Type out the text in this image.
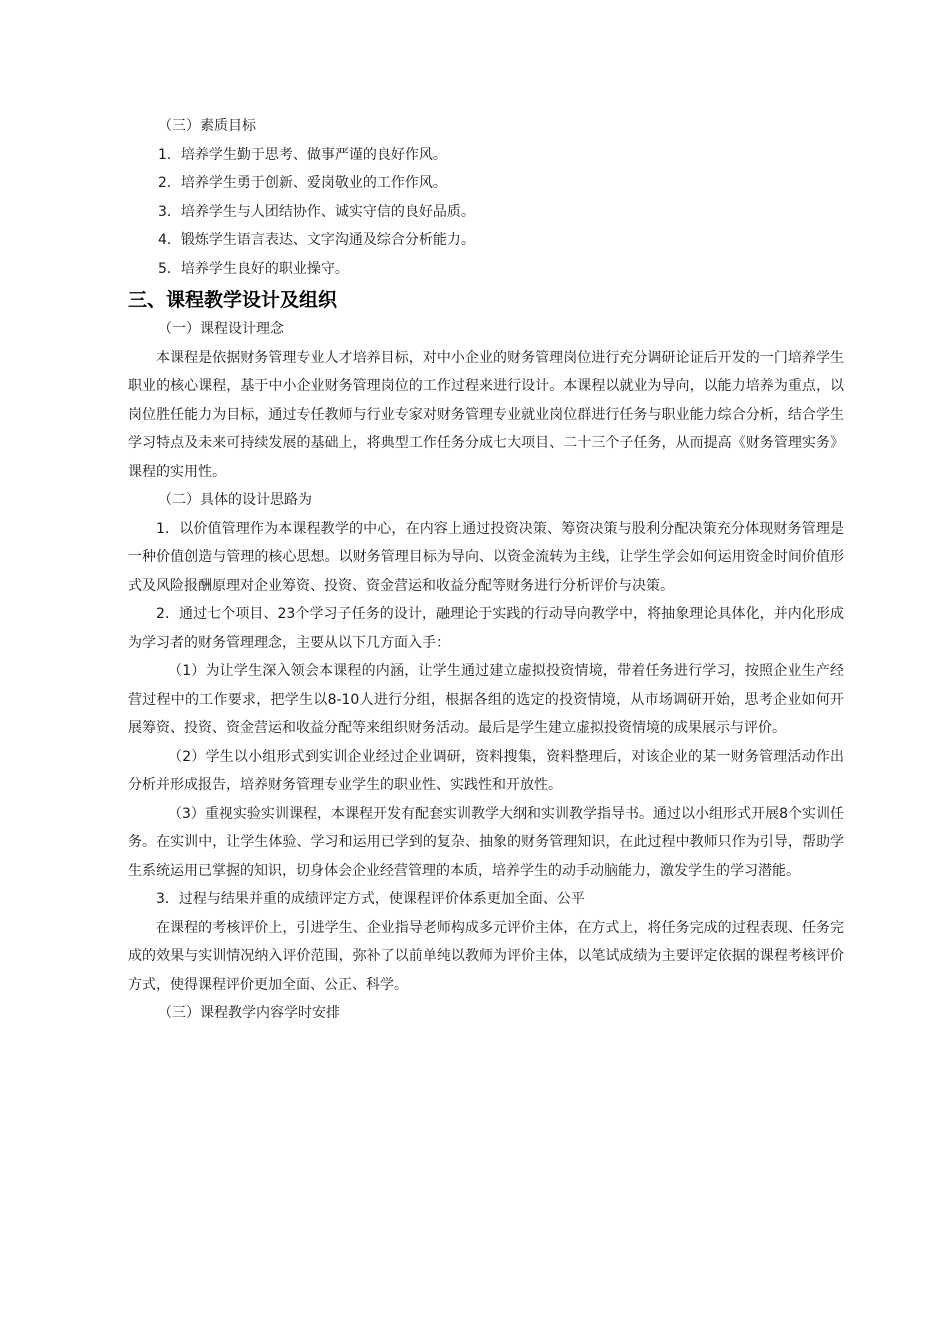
（三）素质目标

1．培养学生勤于思考、做事严谨的良好作风。

2．培养学生勇于创新、爱岗敬业的工作作风。

3．培养学生与人团结协作、诚实守信的良好品质。

4．锻炼学生语言表达、文字沟通及综合分析能力。

5．培养学生良好的职业操守。

三、课程教学设计及组织

（一）课程设计理念

本课程是依据财务管理专业人才培养目标，对中小企业的财务管理岗位进行充分调研论证后开发的一门培养学生职业的核心课程，基于中小企业财务管理岗位的工作过程来进行设计。本课程以就业为导向，以能力培养为重点，以岗位胜任能力为目标，通过专任教师与行业专家对财务管理专业就业岗位群进行任务与职业能力综合分析，结合学生学习特点及未来可持续发展的基础上，将典型工作任务分成七大项目、二十三个子任务，从而提高《财务管理实务》课程的实用性。

（二）具体的设计思路为

1．以价值管理作为本课程教学的中心，在内容上通过投资决策、筹资决策与股利分配决策充分体现财务管理是一种价值创造与管理的核心思想。以财务管理目标为导向、以资金流转为主线，让学生学会如何运用资金时间价值形式及风险报酬原理对企业筹资、投资、资金营运和收益分配等财务进行分析评价与决策。

2．通过七个项目、23个学习子任务的设计，融理论于实践的行动导向教学中，将抽象理论具体化，并内化形成为学习者的财务管理理念，主要从以下几方面入手：

（1）为让学生深入领会本课程的内涵，让学生通过建立虚拟投资情境，带着任务进行学习，按照企业生产经营过程中的工作要求，把学生以8-10人进行分组，根据各组的选定的投资情境，从市场调研开始，思考企业如何开展筹资、投资、资金营运和收益分配等来组织财务活动。最后是学生建立虚拟投资情境的成果展示与评价。

（2）学生以小组形式到实训企业经过企业调研，资料搜集，资料整理后，对该企业的某一财务管理活动作出分析并形成报告，培养财务管理专业学生的职业性、实践性和开放性。

（3）重视实验实训课程，本课程开发有配套实训教学大纲和实训教学指导书。通过以小组形式开展8个实训任务。在实训中，让学生体验、学习和运用已学到的复杂、抽象的财务管理知识，在此过程中教师只作为引导，帮助学生系统运用已掌握的知识，切身体会企业经营管理的本质，培养学生的动手动脑能力，激发学生的学习潜能。

3．过程与结果并重的成绩评定方式，使课程评价体系更加全面、公平

在课程的考核评价上，引进学生、企业指导老师构成多元评价主体，在方式上，将任务完成的过程表现、任务完成的效果与实训情况纳入评价范围，弥补了以前单纯以教师为评价主体，以笔试成绩为主要评定依据的课程考核评价方式，使得课程评价更加全面、公正、科学。

（三）课程教学内容学时安排
